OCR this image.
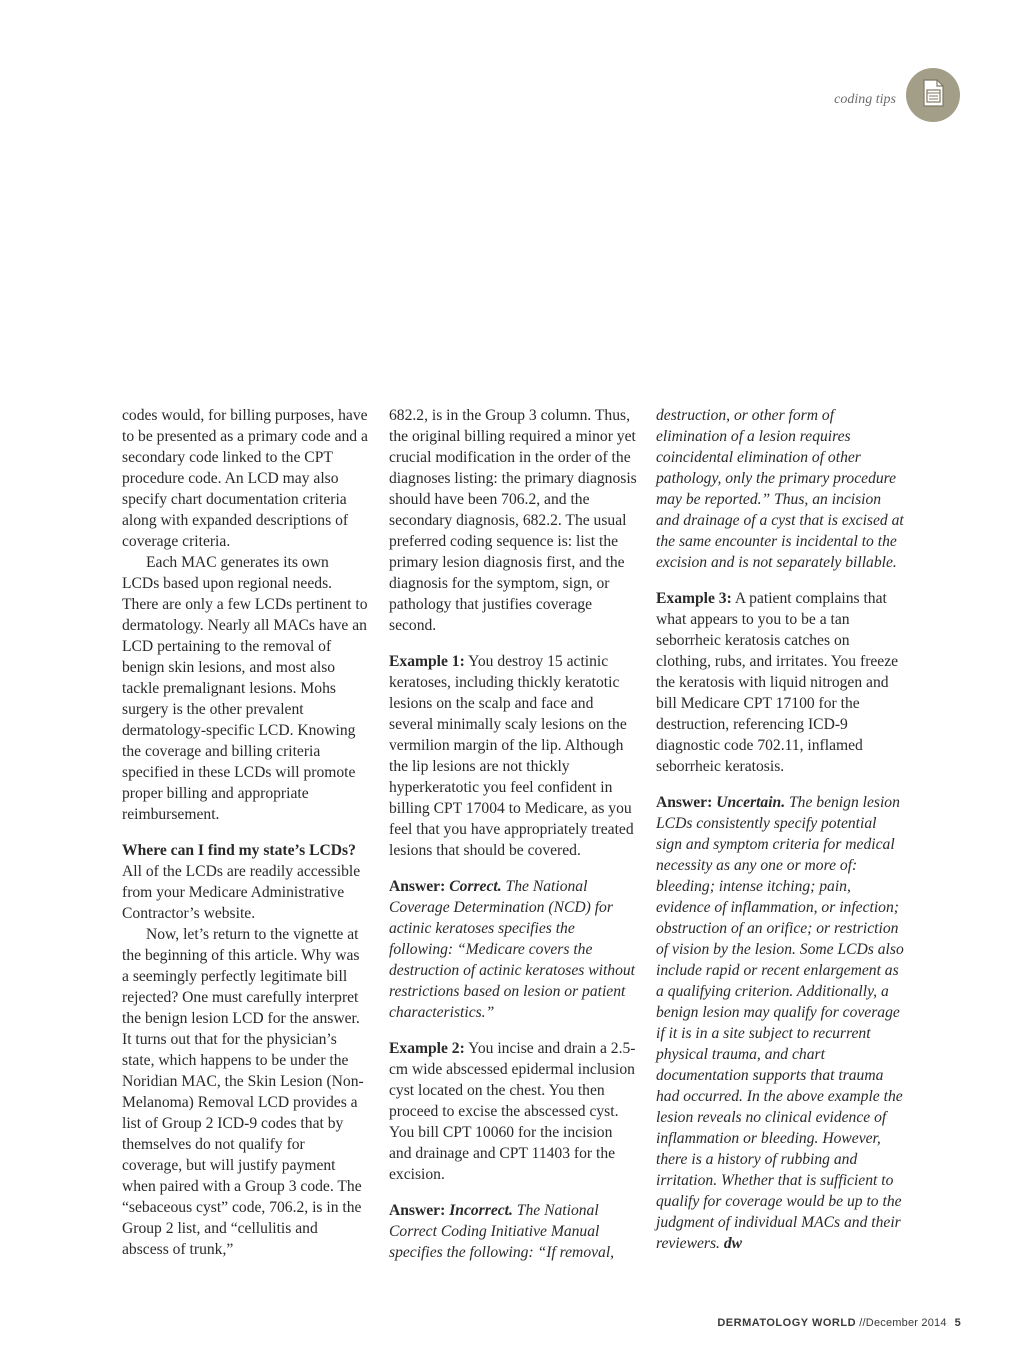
coding tips

codes would, for billing purposes, have to be presented as a primary code and a secondary code linked to the CPT procedure code. An LCD may also specify chart documentation criteria along with expanded descriptions of coverage criteria.

Each MAC generates its own LCDs based upon regional needs. There are only a few LCDs pertinent to dermatology. Nearly all MACs have an LCD pertaining to the removal of benign skin lesions, and most also tackle premalignant lesions. Mohs surgery is the other prevalent dermatology-specific LCD. Knowing the coverage and billing criteria specified in these LCDs will promote proper billing and appropriate reimbursement.

Where can I find my state’s LCDs?

All of the LCDs are readily accessible from your Medicare Administrative Contractor’s website.

Now, let’s return to the vignette at the beginning of this article. Why was a seemingly perfectly legitimate bill rejected? One must carefully interpret the benign lesion LCD for the answer. It turns out that for the physician’s state, which happens to be under the Noridian MAC, the Skin Lesion (Non-Melanoma) Removal LCD provides a list of Group 2 ICD-9 codes that by themselves do not qualify for coverage, but will justify payment when paired with a Group 3 code. The “sebaceous cyst” code, 706.2, is in the Group 2 list, and “cellulitis and abscess of trunk,”

682.2, is in the Group 3 column. Thus, the original billing required a minor yet crucial modification in the order of the diagnoses listing: the primary diagnosis should have been 706.2, and the secondary diagnosis, 682.2. The usual preferred coding sequence is: list the primary lesion diagnosis first, and the diagnosis for the symptom, sign, or pathology that justifies coverage second.

Example 1: You destroy 15 actinic keratoses, including thickly keratotic lesions on the scalp and face and several minimally scaly lesions on the vermilion margin of the lip. Although the lip lesions are not thickly hyperkeratotic you feel confident in billing CPT 17004 to Medicare, as you feel that you have appropriately treated lesions that should be covered.

Answer: Correct. The National Coverage Determination (NCD) for actinic keratoses specifies the following: “Medicare covers the destruction of actinic keratoses without restrictions based on lesion or patient characteristics.”

Example 2: You incise and drain a 2.5-cm wide abscessed epidermal inclusion cyst located on the chest. You then proceed to excise the abscessed cyst. You bill CPT 10060 for the incision and drainage and CPT 11403 for the excision.

Answer: Incorrect. The National Correct Coding Initiative Manual specifies the following: “If removal,

destruction, or other form of elimination of a lesion requires coincidental elimination of other pathology, only the primary procedure may be reported.” Thus, an incision and drainage of a cyst that is excised at the same encounter is incidental to the excision and is not separately billable.

Example 3: A patient complains that what appears to you to be a tan seborrheic keratosis catches on clothing, rubs, and irritates. You freeze the keratosis with liquid nitrogen and bill Medicare CPT 17100 for the destruction, referencing ICD-9 diagnostic code 702.11, inflamed seborrheic keratosis.

Answer: Uncertain. The benign lesion LCDs consistently specify potential sign and symptom criteria for medical necessity as any one or more of: bleeding; intense itching; pain, evidence of inflammation, or infection; obstruction of an orifice; or restriction of vision by the lesion. Some LCDs also include rapid or recent enlargement as a qualifying criterion. Additionally, a benign lesion may qualify for coverage if it is in a site subject to recurrent physical trauma, and chart documentation supports that trauma had occurred. In the above example the lesion reveals no clinical evidence of inflammation or bleeding. However, there is a history of rubbing and irritation. Whether that is sufficient to qualify for coverage would be up to the judgment of individual MACs and their reviewers. dw

DERMATOLOGY WORLD //December 2014 5
